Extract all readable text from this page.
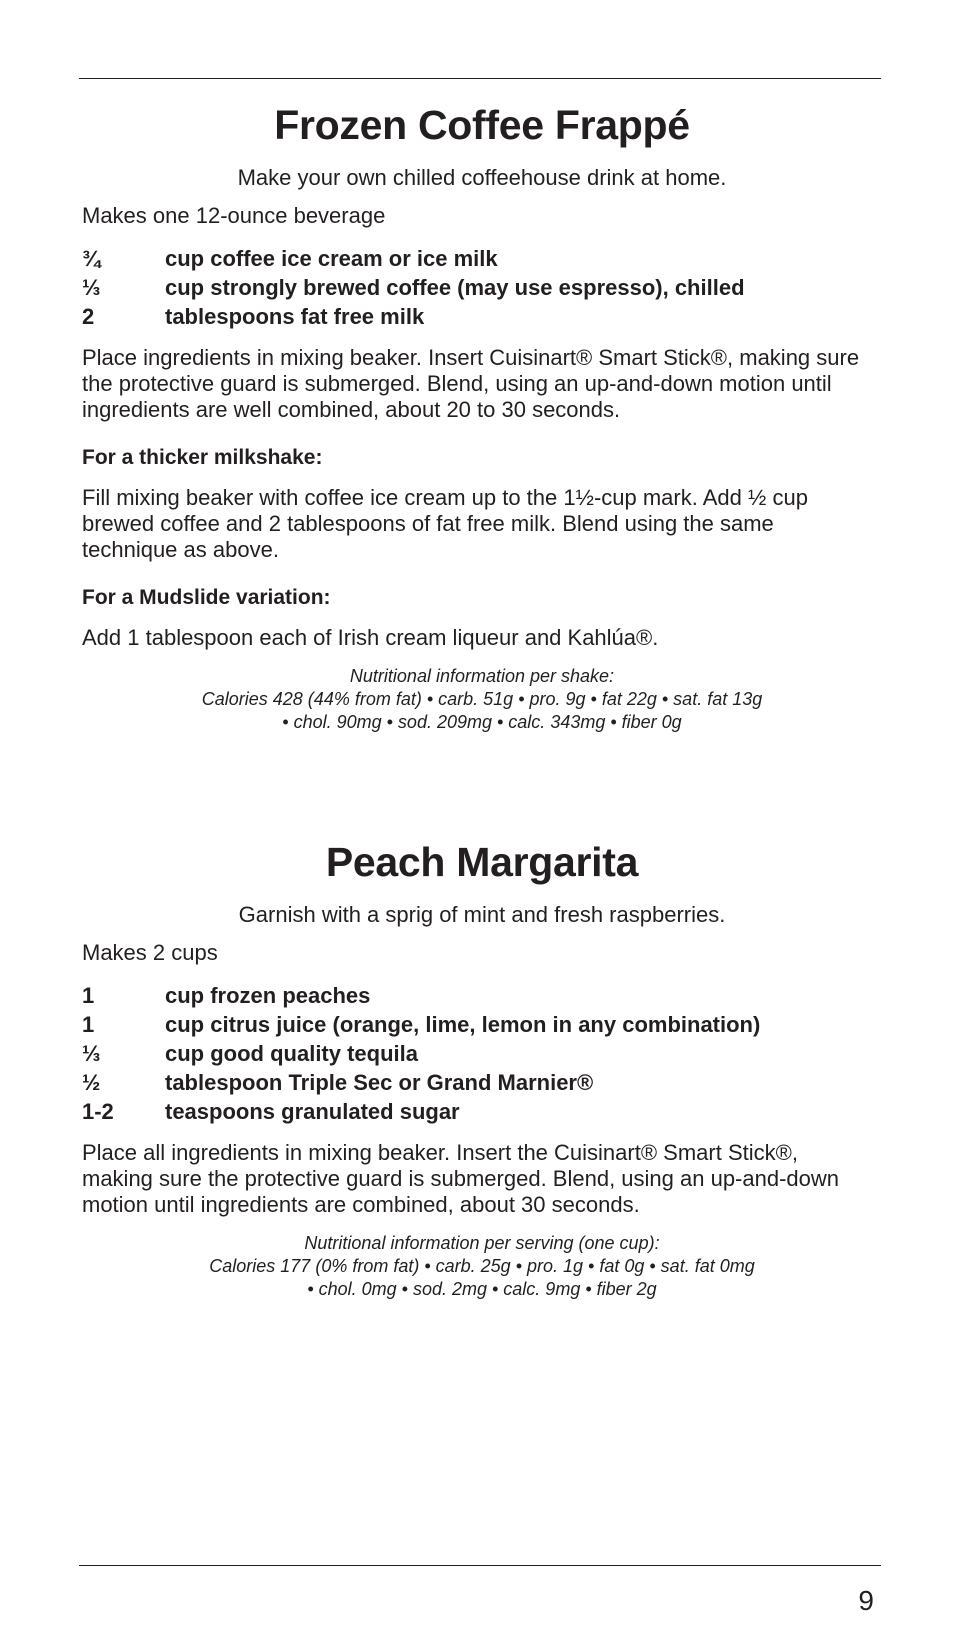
Frozen Coffee Frappé

Make your own chilled coffeehouse drink at home.

Makes one 12-ounce beverage

¾	cup coffee ice cream or ice milk
⅓	cup strongly brewed coffee (may use espresso), chilled
2	tablespoons fat free milk

Place ingredients in mixing beaker. Insert Cuisinart® Smart Stick®, making sure the protective guard is submerged. Blend, using an up-and-down motion until ingredients are well combined, about 20 to 30 seconds.

For a thicker milkshake:

Fill mixing beaker with coffee ice cream up to the 1½-cup mark. Add ½ cup brewed coffee and 2 tablespoons of fat free milk. Blend using the same technique as above.

For a Mudslide variation:

Add 1 tablespoon each of Irish cream liqueur and Kahlúa®.

Nutritional information per shake:
Calories 428 (44% from fat) • carb. 51g • pro. 9g • fat 22g • sat. fat 13g
• chol. 90mg • sod. 209mg • calc. 343mg • fiber 0g
Peach Margarita

Garnish with a sprig of mint and fresh raspberries.

Makes 2 cups

1	cup frozen peaches
1	cup citrus juice (orange, lime, lemon in any combination)
⅓	cup good quality tequila
½	tablespoon Triple Sec or Grand Marnier®
1-2	teaspoons granulated sugar

Place all ingredients in mixing beaker. Insert the Cuisinart® Smart Stick®, making sure the protective guard is submerged. Blend, using an up-and-down motion until ingredients are combined, about 30 seconds.

Nutritional information per serving (one cup):
Calories 177 (0% from fat) • carb. 25g • pro. 1g • fat 0g • sat. fat 0mg
• chol. 0mg • sod. 2mg • calc. 9mg • fiber 2g
9
